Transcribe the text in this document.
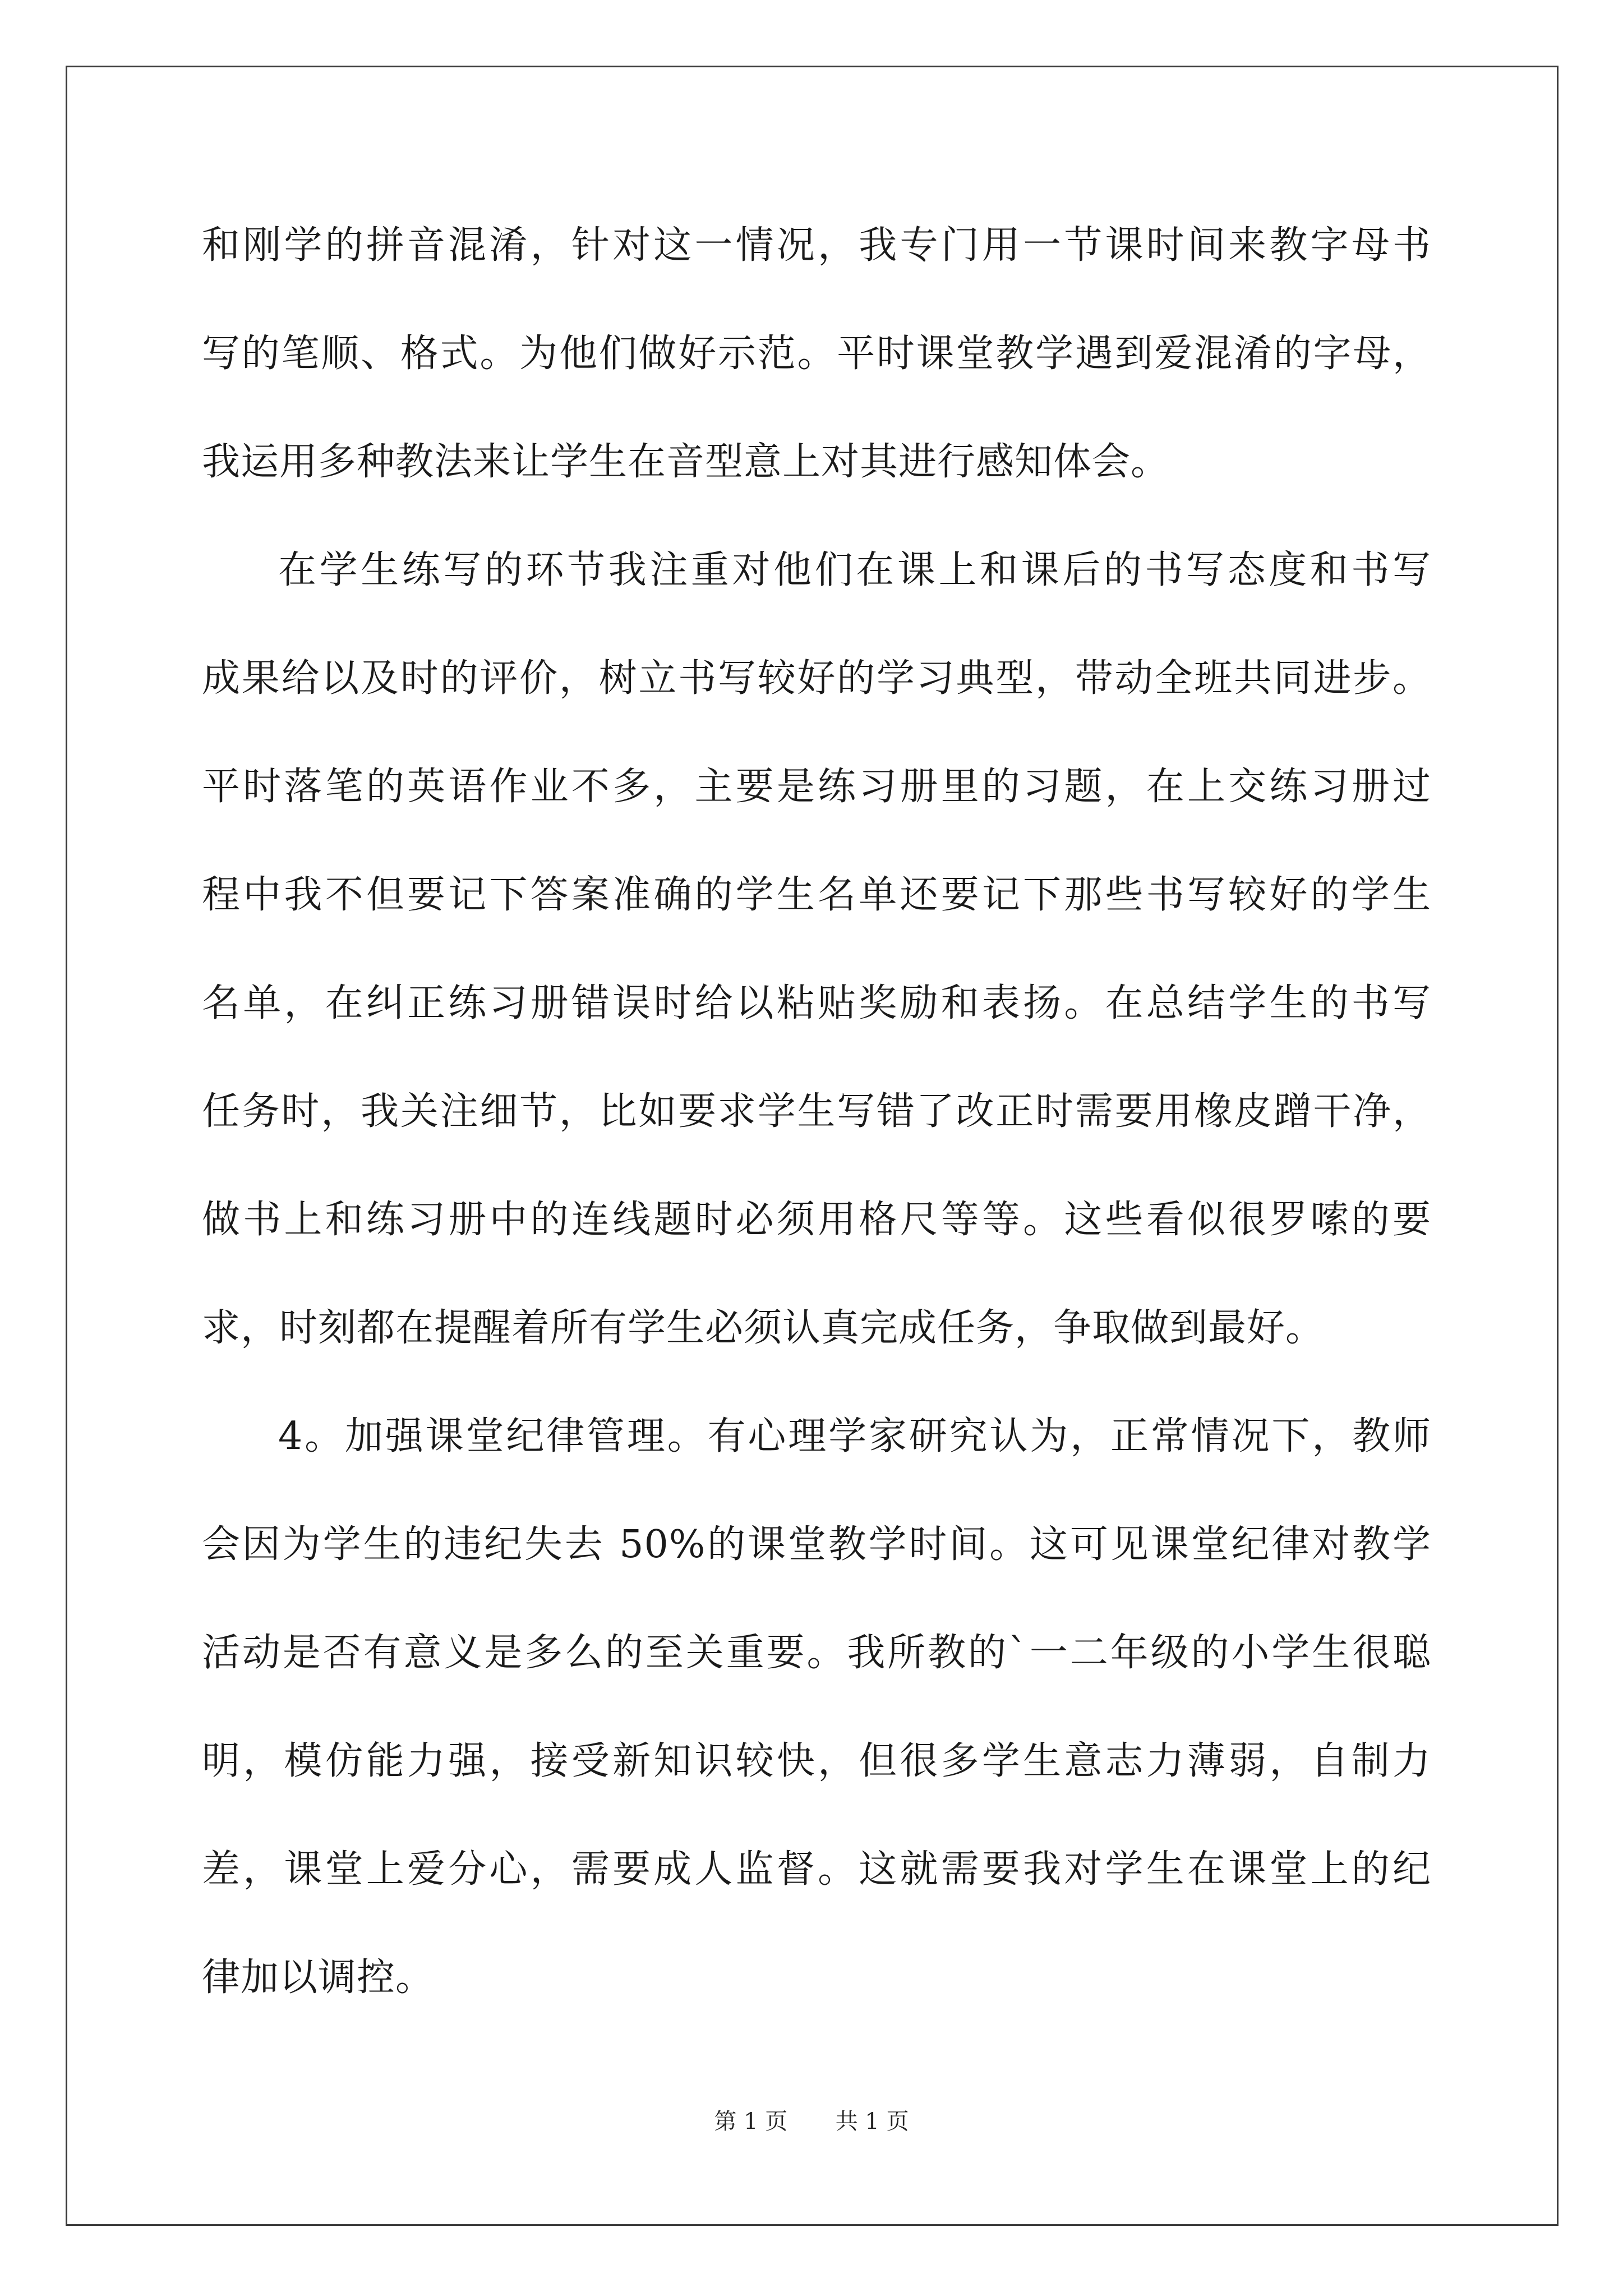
和刚学的拼音混淆，针对这一情况，我专门用一节课时间来教字母书
写的笔顺、格式。为他们做好示范。平时课堂教学遇到爱混淆的字母，
我运用多种教法来让学生在音型意上对其进行感知体会。
在学生练写的环节我注重对他们在课上和课后的书写态度和书写
成果给以及时的评价，树立书写较好的学习典型，带动全班共同进步。
平时落笔的英语作业不多，主要是练习册里的习题，在上交练习册过
程中我不但要记下答案准确的学生名单还要记下那些书写较好的学生
名单，在纠正练习册错误时给以粘贴奖励和表扬。在总结学生的书写
任务时，我关注细节，比如要求学生写错了改正时需要用橡皮蹭干净，
做书上和练习册中的连线题时必须用格尺等等。这些看似很罗嗦的要
求，时刻都在提醒着所有学生必须认真完成任务，争取做到最好。
4。加强课堂纪律管理。有心理学家研究认为，正常情况下，教师
会因为学生的违纪失去 50%的课堂教学时间。这可见课堂纪律对教学
活动是否有意义是多么的至关重要。我所教的`一二年级的小学生很聪
明，模仿能力强，接受新知识较快，但很多学生意志力薄弱，自制力
差，课堂上爱分心，需要成人监督。这就需要我对学生在课堂上的纪
律加以调控。
第 1 页 共 1 页
